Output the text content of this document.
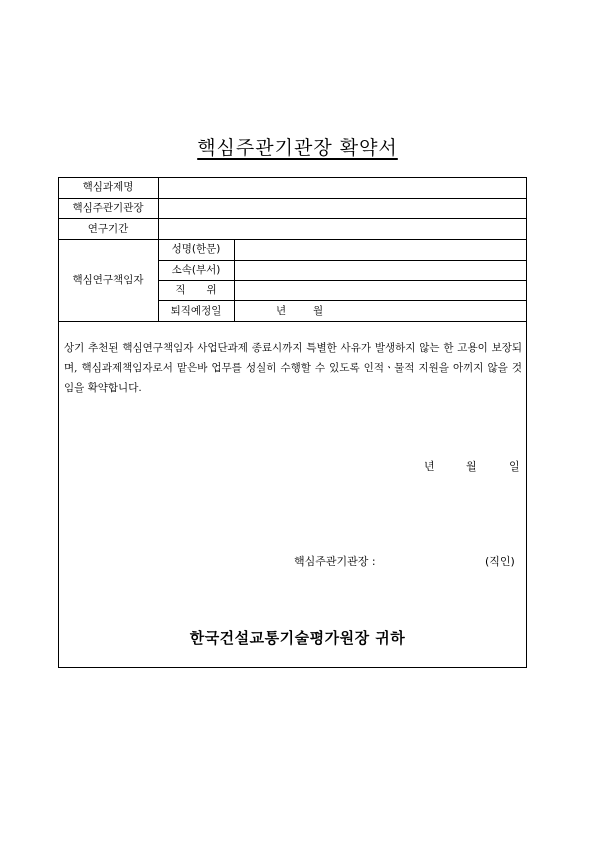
핵심주관기관장 확약서
핵심과제명
핵심주관기관장
연구기간
핵심연구책임자
성명(한문)
소속(부서)
직　　위
퇴직예정일	년	월
상기 추천된 핵심연구책임자 사업단과제 종료시까지 특별한 사유가 발생하지 않는 한 고용이 보장되며, 핵심과제책임자로서 맡은바 업무를 성실히 수행할 수 있도록 인적ㆍ물적 지원을 아끼지 않을 것임을 확약합니다.
년	월	일
핵심주관기관장 :	(직인)
한국건설교통기술평가원장 귀하
